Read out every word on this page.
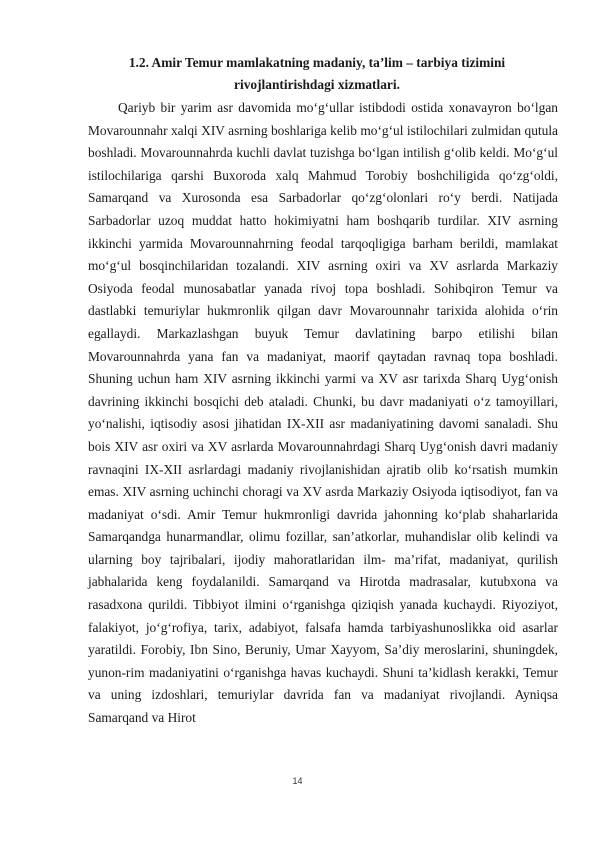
1.2. Amir Temur mamlakatning madaniy, ta’lim – tarbiya tizimini
rivojlantirishdagi xizmatlari.

Qariyb bir yarim asr davomida mo‘g‘ullar istibdodi ostida xonavayron bo‘lgan Movarounnahr xalqi XIV asrning boshlariga kelib mo‘g‘ul istilochilari zulmidan qutula boshladi. Movarounnahrda kuchli davlat tuzishga bo‘lgan intilish g‘olib keldi. Mo‘g‘ul istilochilariga qarshi Buxoroda xalq Mahmud Torobiy boshchiligida qo‘zg‘oldi, Samarqand va Xurosonda esa Sarbadorlar qo‘zg‘olonlari ro‘y berdi. Natijada Sarbadorlar uzoq muddat hatto hokimiyatni ham boshqarib turdilar. XIV asrning ikkinchi yarmida Movarounnahrning feodal tarqoqligiga barham berildi, mamlakat mo‘g‘ul bosqinchilaridan tozalandi. XIV asrning oxiri va XV asrlarda Markaziy Osiyoda feodal munosabatlar yanada rivoj topa boshladi. Sohibqiron Temur va dastlabki temuriylar hukmronlik qilgan davr Movarounnahr tarixida alohida o‘rin egallaydi. Markazlashgan buyuk Temur davlatining barpo etilishi bilan Movarounnahrda yana fan va madaniyat, maorif qaytadan ravnaq topa boshladi. Shuning uchun ham XIV asrning ikkinchi yarmi va XV asr tarixda Sharq Uyg‘onish davrining ikkinchi bosqichi deb ataladi. Chunki, bu davr madaniyati o‘z tamoyillari, yo‘nalishi, iqtisodiy asosi jihatidan IX-XII asr madaniyatining davomi sanaladi. Shu bois XIV asr oxiri va XV asrlarda Movarounnahrdagi Sharq Uyg‘onish davri madaniy ravnaqini IX-XII asrlardagi madaniy rivojlanishidan ajratib olib ko‘rsatish mumkin emas. XIV asrning uchinchi choragi va XV asrda Markaziy Osiyoda iqtisodiyot, fan va madaniyat o‘sdi. Amir Temur hukmronligi davrida jahonning ko‘plab shaharlarida Samarqandga hunarmandlar, olimu fozillar, san’atkorlar, muhandislar olib kelindi va ularning boy tajribalari, ijodiy mahoratlaridan ilm- ma’rifat, madaniyat, qurilish jabhalarida keng foydalanildi. Samarqand va Hirotda madrasalar, kutubxona va rasadxona qurildi. Tibbiyot ilmini o‘rganishga qiziqish yanada kuchaydi. Riyoziyot, falakiyot, jo‘g‘rofiya, tarix, adabiyot, falsafa hamda tarbiyashunoslikka oid asarlar yaratildi. Forobiy, Ibn Sino, Beruniy, Umar Xayyom, Sa’diy meroslarini, shuningdek, yunon-rim madaniyatini o‘rganishga havas kuchaydi. Shuni ta’kidlash kerakki, Temur va uning izdoshlari, temuriylar davrida fan va madaniyat rivojlandi. Ayniqsa Samarqand va Hirot

14
